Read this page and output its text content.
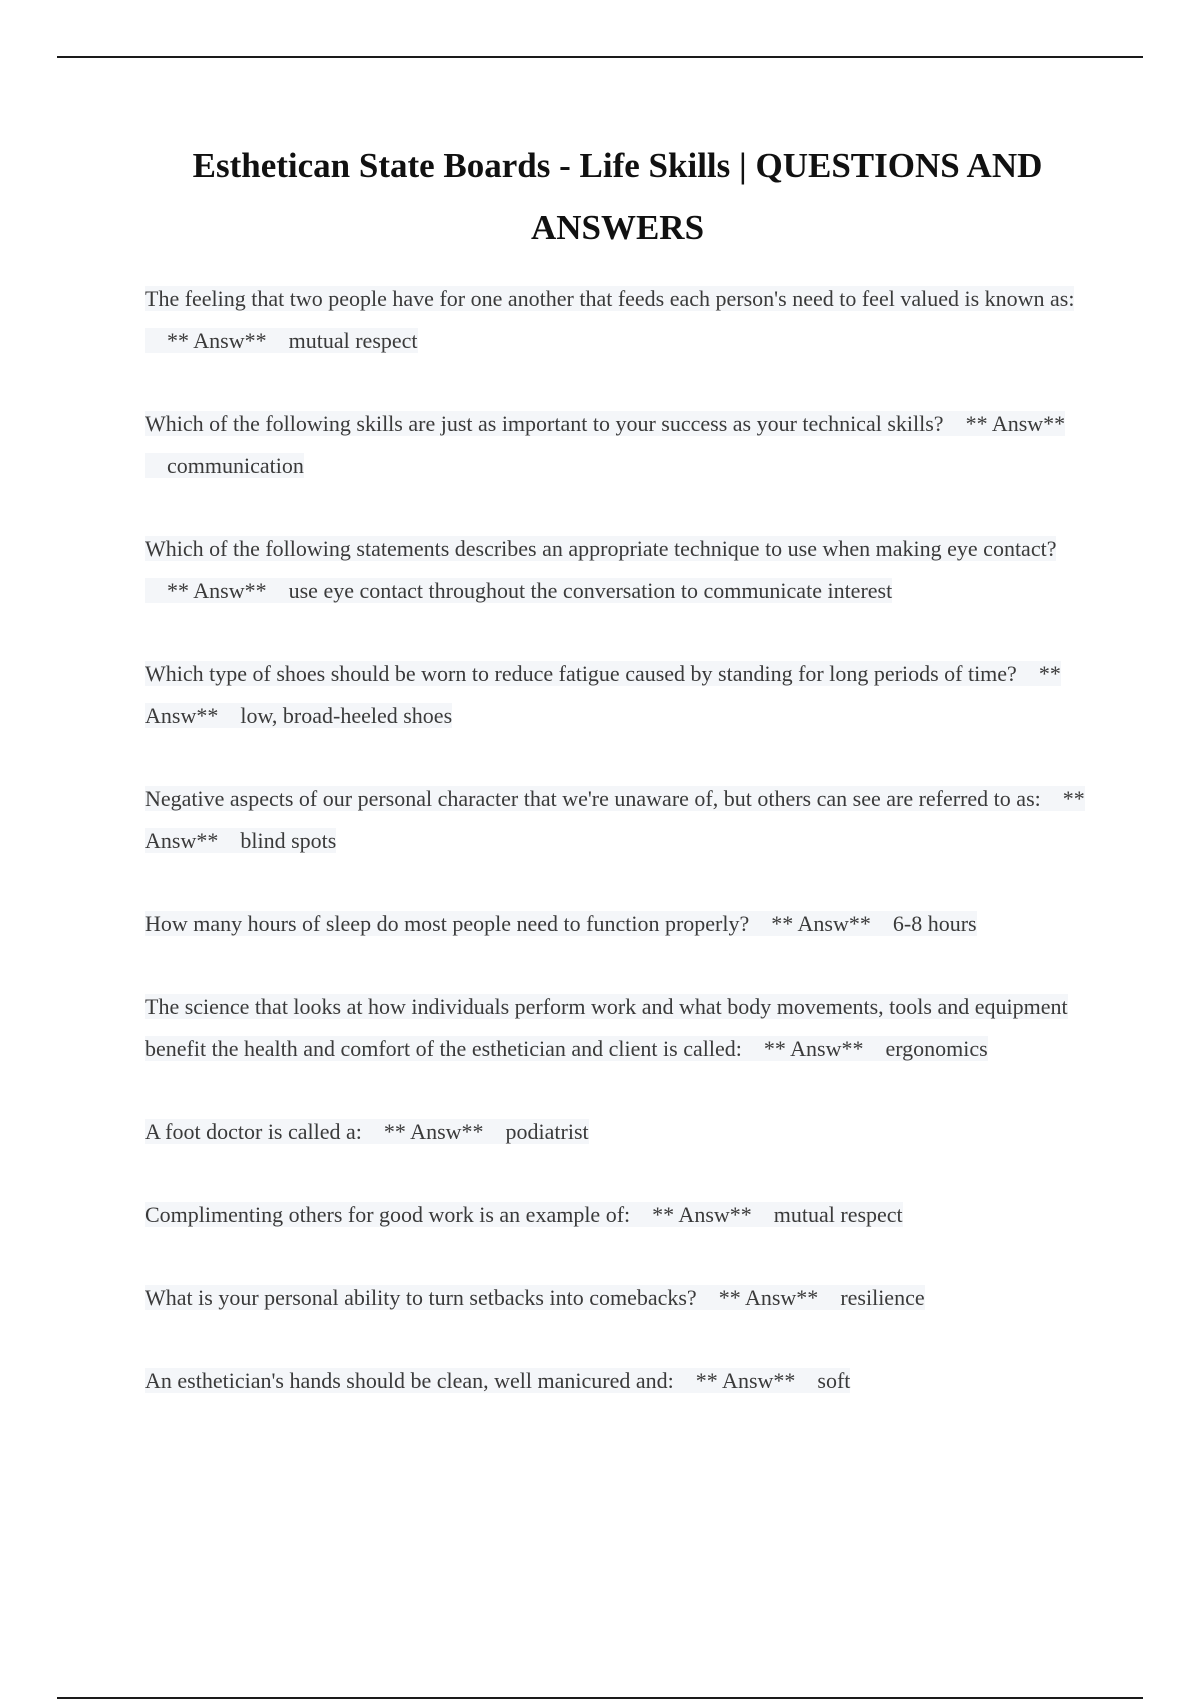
Esthetican State Boards - Life Skills | QUESTIONS AND ANSWERS
The feeling that two people have for one another that feeds each person's need to feel valued is known as:    ** Answ** mutual respect
Which of the following skills are just as important to your success as your technical skills? ** Answ**    communication
Which of the following statements describes an appropriate technique to use when making eye contact?    ** Answ** use eye contact throughout the conversation to communicate interest
Which type of shoes should be worn to reduce fatigue caused by standing for long periods of time? ** Answ** low, broad-heeled shoes
Negative aspects of our personal character that we're unaware of, but others can see are referred to as: ** Answ** blind spots
How many hours of sleep do most people need to function properly? ** Answ** 6-8 hours
The science that looks at how individuals perform work and what body movements, tools and equipment benefit the health and comfort of the esthetician and client is called: ** Answ** ergonomics
A foot doctor is called a: ** Answ** podiatrist
Complimenting others for good work is an example of: ** Answ** mutual respect
What is your personal ability to turn setbacks into comebacks? ** Answ** resilience
An esthetician's hands should be clean, well manicured and: ** Answ** soft
